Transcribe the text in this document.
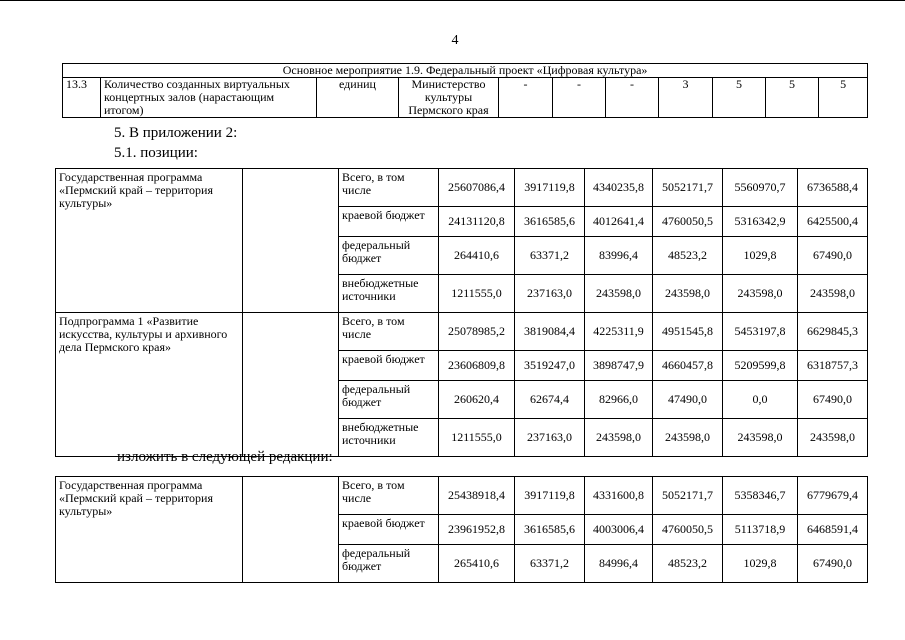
4
Основное мероприятие 1.9. Федеральный проект «Цифровая культура»
13.3	Количество созданных виртуальных концертных залов (нарастающим итогом)	единиц	Министерство культуры Пермского края	-	-	-	3	5	5	5
5. В приложении 2:
5.1. позиции:
Государственная программа «Пермский край – территория культуры»		Всего, в том числе	25607086,4	3917119,8	4340235,8	5052171,7	5560970,7	6736588,4
		краевой бюджет	24131120,8	3616585,6	4012641,4	4760050,5	5316342,9	6425500,4
		федеральный бюджет	264410,6	63371,2	83996,4	48523,2	1029,8	67490,0
		внебюджетные источники	1211555,0	237163,0	243598,0	243598,0	243598,0	243598,0
Подпрограмма 1 «Развитие искусства, культуры и архивного дела Пермского края»		Всего, в том числе	25078985,2	3819084,4	4225311,9	4951545,8	5453197,8	6629845,3
		краевой бюджет	23606809,8	3519247,0	3898747,9	4660457,8	5209599,8	6318757,3
		федеральный бюджет	260620,4	62674,4	82966,0	47490,0	0,0	67490,0
		внебюджетные источники	1211555,0	237163,0	243598,0	243598,0	243598,0	243598,0
изложить в следующей редакции:
Государственная программа «Пермский край – территория культуры»		Всего, в том числе	25438918,4	3917119,8	4331600,8	5052171,7	5358346,7	6779679,4
		краевой бюджет	23961952,8	3616585,6	4003006,4	4760050,5	5113718,9	6468591,4
		федеральный бюджет	265410,6	63371,2	84996,4	48523,2	1029,8	67490,0
